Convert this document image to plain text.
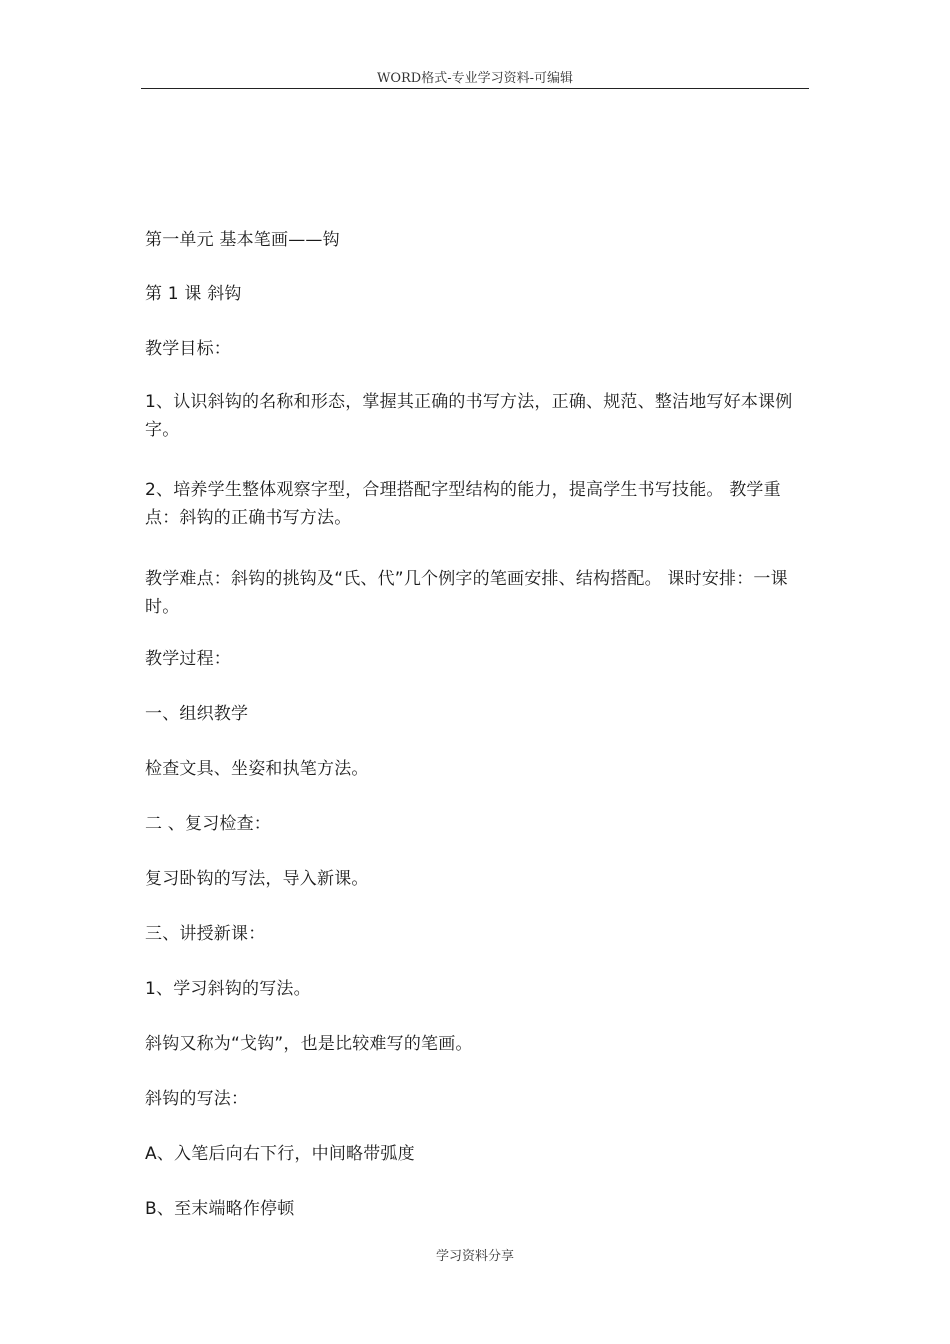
WORD格式-专业学习资料-可编辑

第一单元 基本笔画——钩

第 1 课 斜钩

教学目标：

1、认识斜钩的名称和形态，掌握其正确的书写方法，正确、规范、整洁地写好本课例字。

2、培养学生整体观察字型，合理搭配字型结构的能力，提高学生书写技能。 教学重点：斜钩的正确书写方法。

教学难点：斜钩的挑钩及“氏、代”几个例字的笔画安排、结构搭配。 课时安排：一课时。

教学过程：

一、组织教学

检查文具、坐姿和执笔方法。

二 、复习检查：

复习卧钩的写法，导入新课。

三、讲授新课：

1、学习斜钩的写法。

斜钩又称为“戈钩”，也是比较难写的笔画。

斜钩的写法：

A、入笔后向右下行，中间略带弧度

B、至末端略作停顿

学习资料分享
